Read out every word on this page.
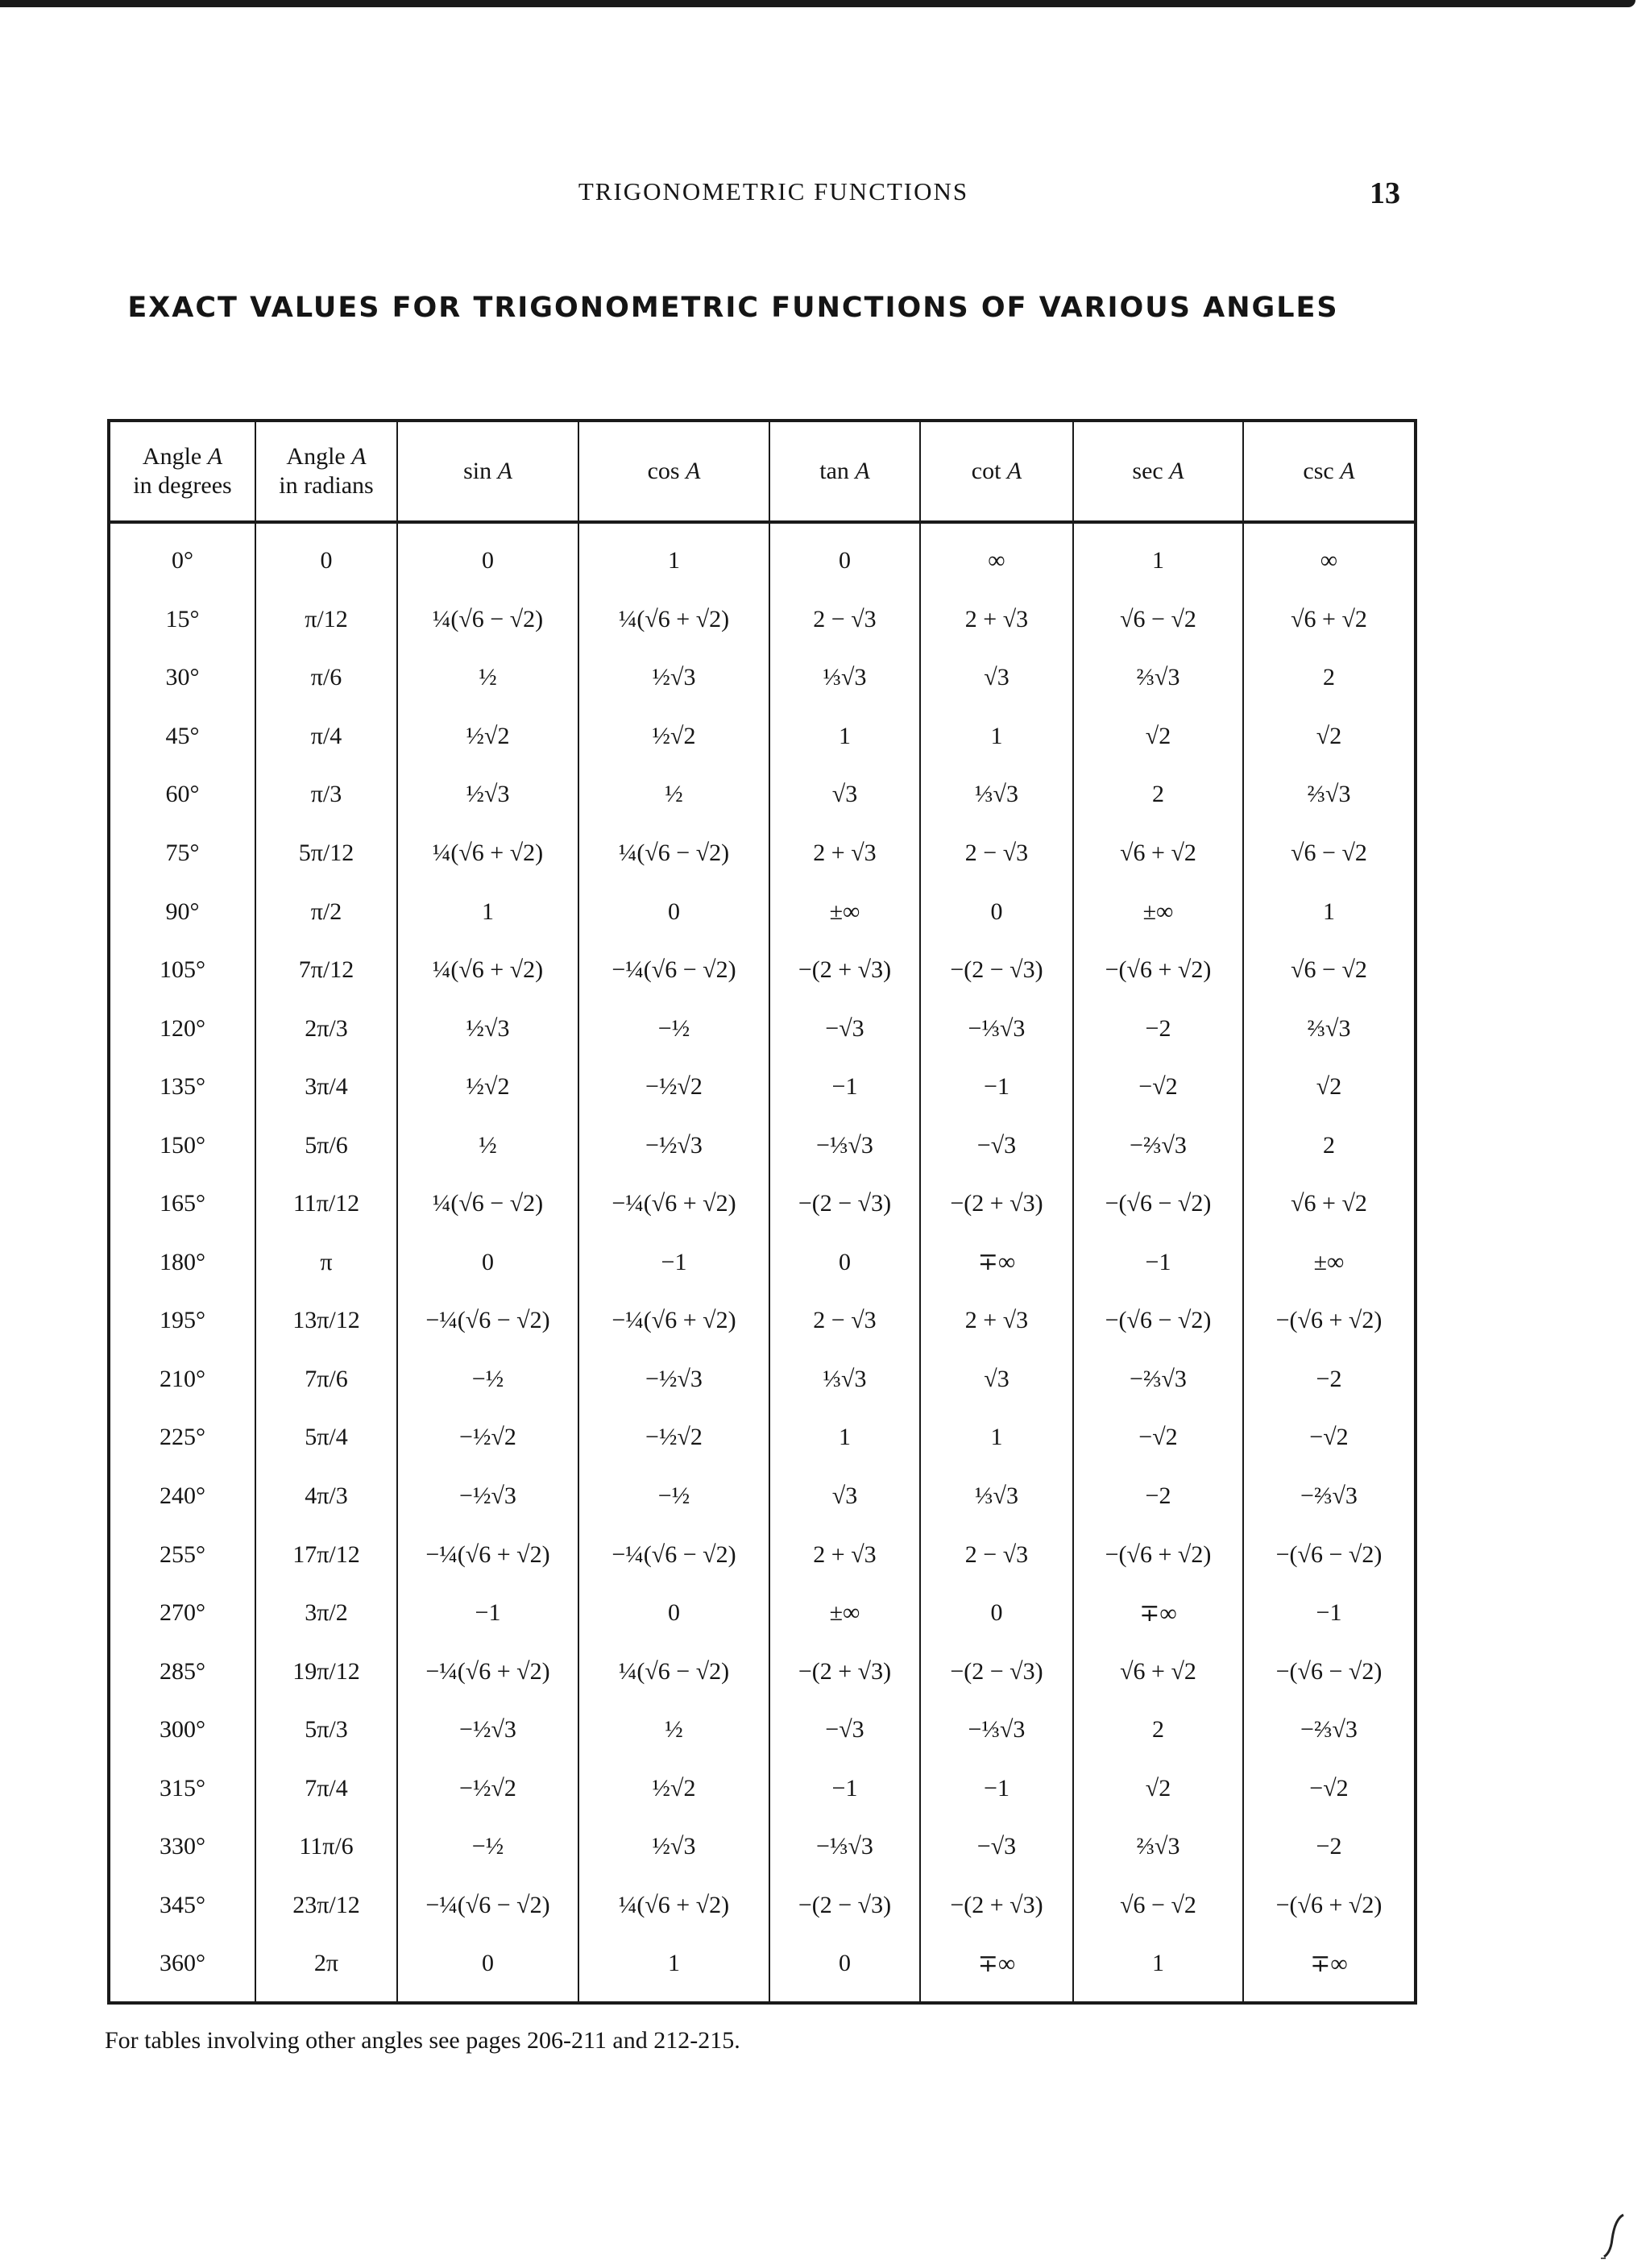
TRIGONOMETRIC FUNCTIONS	13
EXACT VALUES FOR TRIGONOMETRIC FUNCTIONS OF VARIOUS ANGLES
Angle A
in degrees	Angle A
in radians	sin A	cos A	tan A	cot A	sec A	csc A

0°	0	0	1	0	∞	1	∞
15°	π/12	¼(√6 − √2)	¼(√6 + √2)	2 − √3	2 + √3	√6 − √2	√6 + √2
30°	π/6	½	½√3	⅓√3	√3	⅔√3	2
45°	π/4	½√2	½√2	1	1	√2	√2
60°	π/3	½√3	½	√3	⅓√3	2	⅔√3
75°	5π/12	¼(√6 + √2)	¼(√6 − √2)	2 + √3	2 − √3	√6 + √2	√6 − √2
90°	π/2	1	0	±∞	0	±∞	1
105°	7π/12	¼(√6 + √2)	−¼(√6 − √2)	−(2 + √3)	−(2 − √3)	−(√6 + √2)	√6 − √2
120°	2π/3	½√3	−½	−√3	−⅓√3	−2	⅔√3
135°	3π/4	½√2	−½√2	−1	−1	−√2	√2
150°	5π/6	½	−½√3	−⅓√3	−√3	−⅔√3	2
165°	11π/12	¼(√6 − √2)	−¼(√6 + √2)	−(2 − √3)	−(2 + √3)	−(√6 − √2)	√6 + √2
180°	π	0	−1	0	∓∞	−1	±∞
195°	13π/12	−¼(√6 − √2)	−¼(√6 + √2)	2 − √3	2 + √3	−(√6 − √2)	−(√6 + √2)
210°	7π/6	−½	−½√3	⅓√3	√3	−⅔√3	−2
225°	5π/4	−½√2	−½√2	1	1	−√2	−√2
240°	4π/3	−½√3	−½	√3	⅓√3	−2	−⅔√3
255°	17π/12	−¼(√6 + √2)	−¼(√6 − √2)	2 + √3	2 − √3	−(√6 + √2)	−(√6 − √2)
270°	3π/2	−1	0	±∞	0	∓∞	−1
285°	19π/12	−¼(√6 + √2)	¼(√6 − √2)	−(2 + √3)	−(2 − √3)	√6 + √2	−(√6 − √2)
300°	5π/3	−½√3	½	−√3	−⅓√3	2	−⅔√3
315°	7π/4	−½√2	½√2	−1	−1	√2	−√2
330°	11π/6	−½	½√3	−⅓√3	−√3	⅔√3	−2
345°	23π/12	−¼(√6 − √2)	¼(√6 + √2)	−(2 − √3)	−(2 + √3)	√6 − √2	−(√6 + √2)
360°	2π	0	1	0	∓∞	1	∓∞

For tables involving other angles see pages 206-211 and 212-215.
